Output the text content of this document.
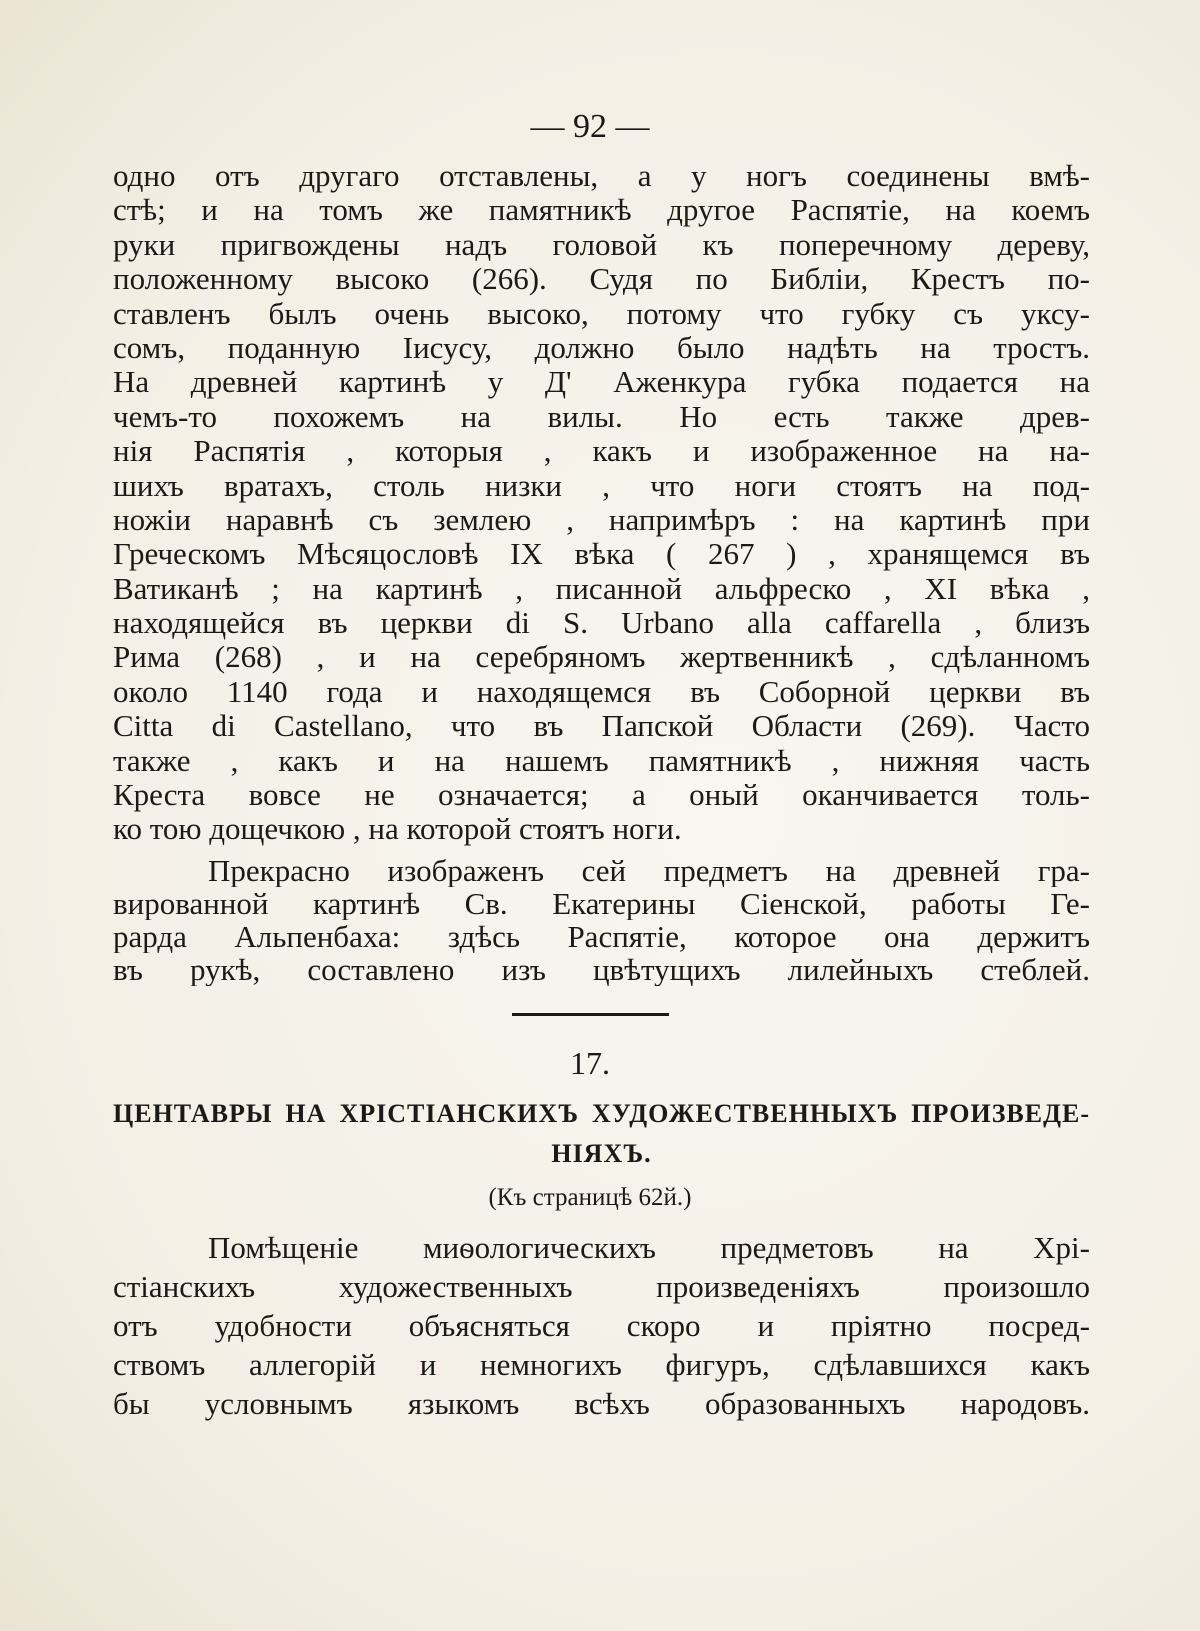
— 92 —
одно отъ другаго отставлены, а у ногъ соединены вмѣ-
стѣ; и на томъ же памятникѣ другое Распятіе, на коемъ
руки пригвождены надъ головой къ поперечному дереву,
положенному высоко (266). Судя по Библіи, Крестъ по-
ставленъ былъ очень высоко, потому что губку съ уксу-
сомъ, поданную Іисусу, должно было надѣть на тростъ.
На древней картинѣ у Д' Аженкура губка подается на
чемъ-то похожемъ на вилы. Но есть также древ-
нія Распятія , которыя , какъ и изображенное на на-
шихъ вратахъ, столь низки , что ноги стоятъ на под-
ножіи наравнѣ съ землею , напримѣръ : на картинѣ при
Греческомъ Мѣсяцословѣ IX вѣка ( 267 ) , хранящемся въ
Ватиканѣ ; на картинѣ , писанной альфреско , XI вѣка ,
находящейся въ церкви di S. Urbano alla caffarella , близъ
Рима (268) , и на серебряномъ жертвенникѣ , сдѣланномъ
около 1140 года и находящемся въ Соборной церкви въ
Citta di Castellano, что въ Папской Области (269). Часто
также , какъ и на нашемъ памятникѣ , нижняя часть
Креста вовсе не означается; а оный оканчивается толь-
ко тою дощечкою , на которой стоятъ ноги.
Прекрасно изображенъ сей предметъ на древней гра-
вированной картинѣ Св. Екатерины Сіенской, работы Ге-
рарда Альпенбаха: здѣсь Распятіе, которое она держитъ
въ рукѣ, составлено изъ цвѣтущихъ лилейныхъ стеблей.
17.
ЦЕНТАВРЫ НА ХРІСТІАНСКИХЪ ХУДОЖЕСТВЕННЫХЪ ПРОИЗВЕДЕ-
НІЯХЪ.
(Къ страницѣ 62й.)
Помѣщеніе миѳологическихъ предметовъ на Хрі-
стіанскихъ художественныхъ произведеніяхъ произошло
отъ удобности объясняться скоро и пріятно посред-
ствомъ аллегорій и немногихъ фигуръ, сдѣлавшихся какъ
бы условнымъ языкомъ всѣхъ образованныхъ народовъ.
